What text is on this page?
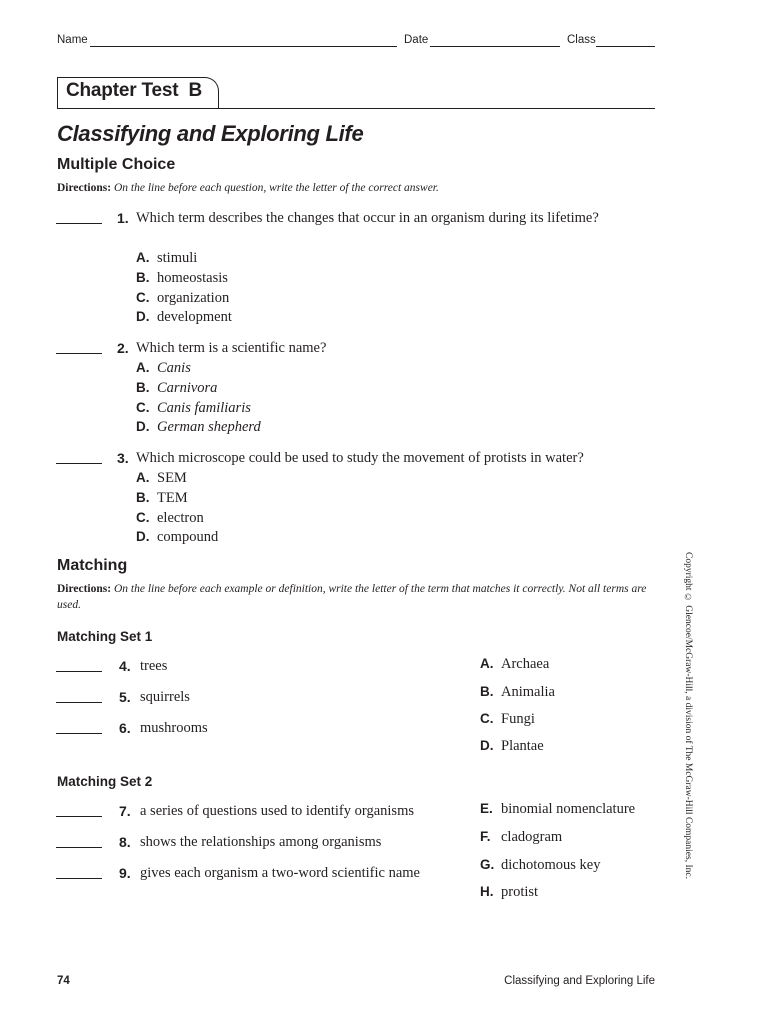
Name	Date	Class
Chapter Test  B
Classifying and Exploring Life
Multiple Choice
Directions: On the line before each question, write the letter of the correct answer.
1. Which term describes the changes that occur in an organism during its lifetime?
A. stimuli
B. homeostasis
C. organization
D. development
2. Which term is a scientific name?
A. Canis
B. Carnivora
C. Canis familiaris
D. German shepherd
3. Which microscope could be used to study the movement of protists in water?
A. SEM
B. TEM
C. electron
D. compound
Matching
Directions: On the line before each example or definition, write the letter of the term that matches it correctly. Not all terms are used.
Matching Set 1
4. trees
5. squirrels
6. mushrooms
A. Archaea
B. Animalia
C. Fungi
D. Plantae
Matching Set 2
7. a series of questions used to identify organisms
8. shows the relationships among organisms
9. gives each organism a two-word scientific name
E. binomial nomenclature
F. cladogram
G. dichotomous key
H. protist
Copyright © Glencoe/McGraw-Hill, a division of The McGraw-Hill Companies, Inc.
74	Classifying and Exploring Life
